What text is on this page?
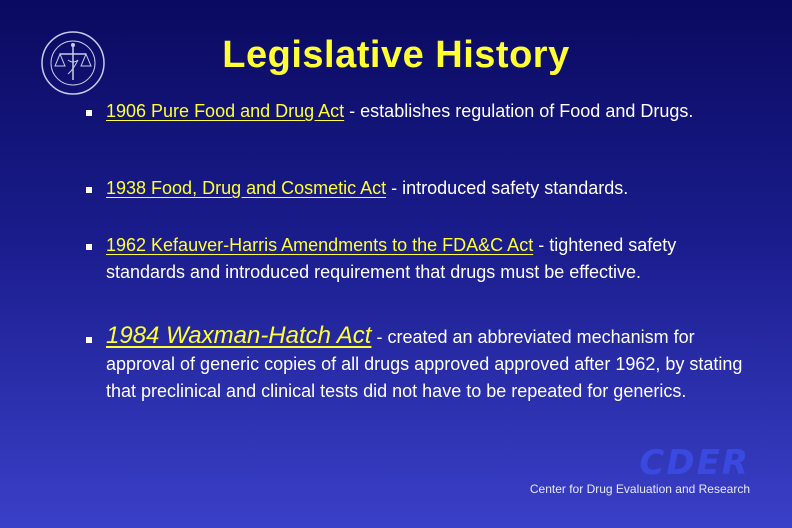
Legislative History
1906 Pure Food and Drug Act - establishes regulation of Food and Drugs.
1938 Food, Drug and Cosmetic Act - introduced safety standards.
1962 Kefauver-Harris Amendments to the FDA&C Act - tightened safety standards and introduced requirement that drugs must be effective.
1984 Waxman-Hatch Act - created an abbreviated mechanism for approval of generic copies of all drugs approved approved after 1962, by stating that preclinical and clinical tests did not have to be repeated for generics.
CDER
Center for Drug Evaluation and Research
